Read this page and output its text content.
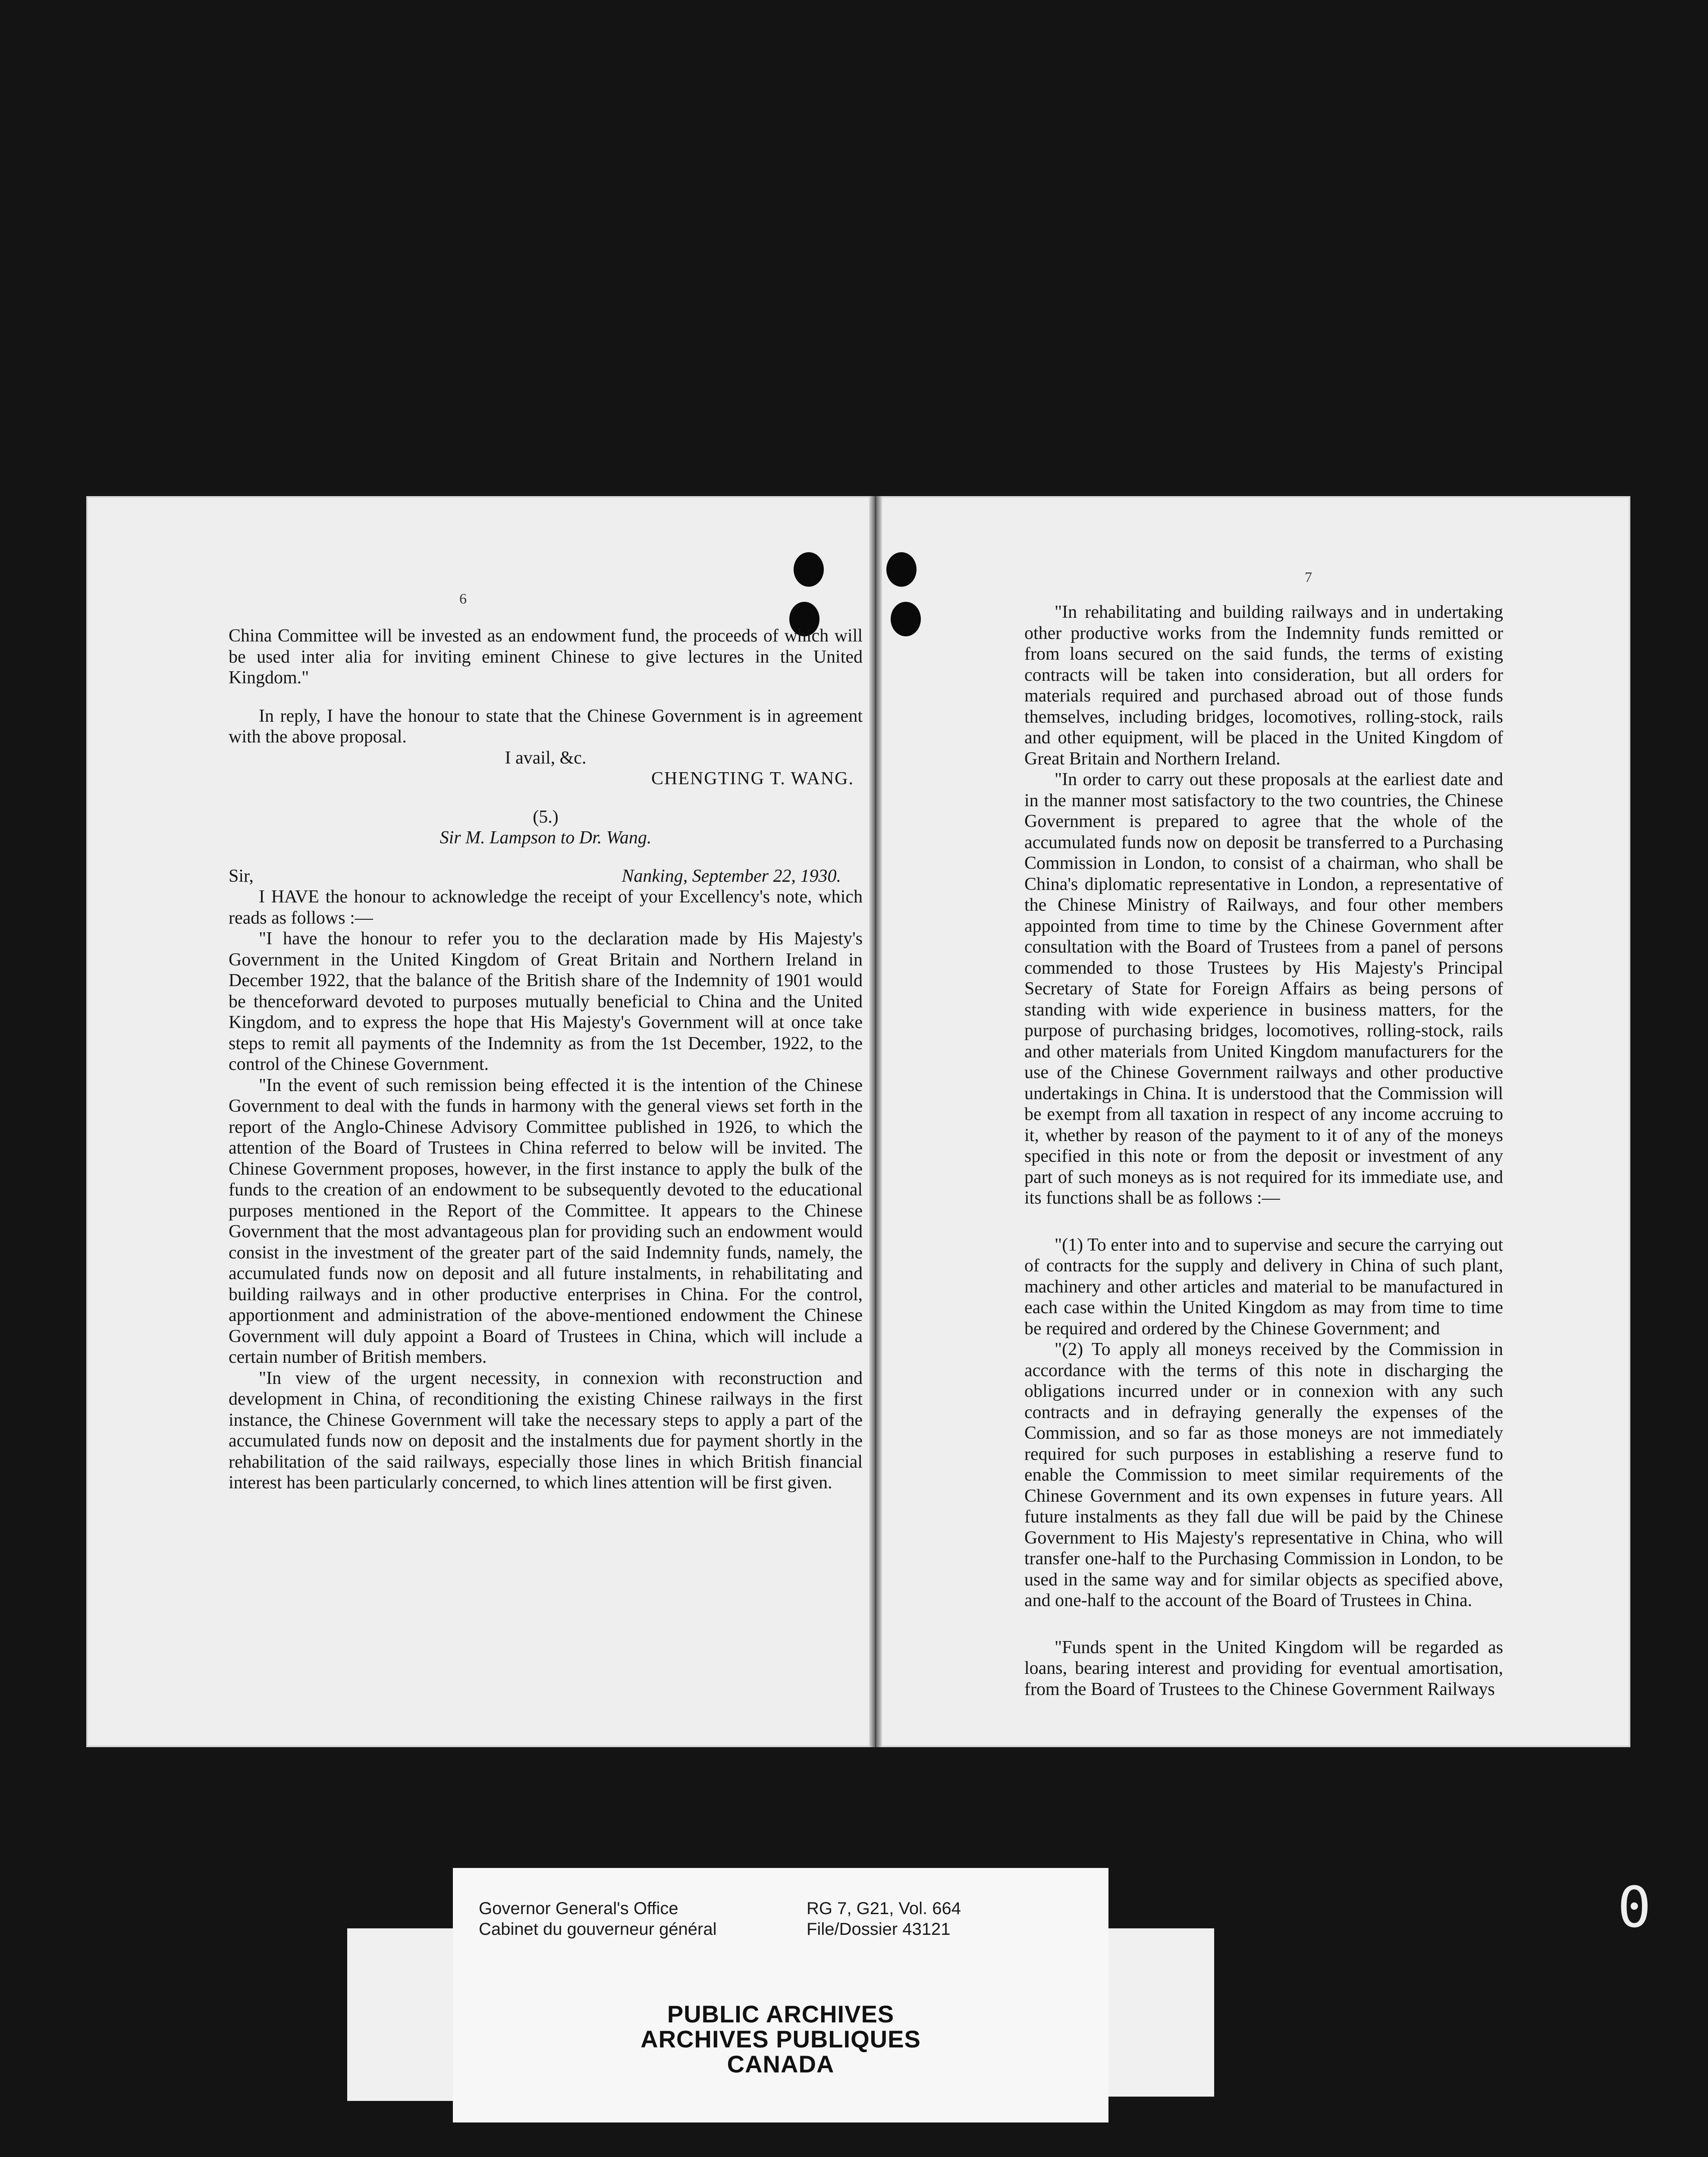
6

China Committee will be invested as an endowment fund, the proceeds of which will be used inter alia for inviting eminent Chinese to give lectures in the United Kingdom."

In reply, I have the honour to state that the Chinese Government is in agreement with the above proposal.

I avail, &c.

CHENGTING T. WANG.

(5.)

Sir M. Lampson to Dr. Wang.

Sir,	Nanking, September 22, 1930.

I HAVE the honour to acknowledge the receipt of your Excellency's note, which reads as follows :—

"I have the honour to refer you to the declaration made by His Majesty's Government in the United Kingdom of Great Britain and Northern Ireland in December 1922, that the balance of the British share of the Indemnity of 1901 would be thenceforward devoted to purposes mutually beneficial to China and the United Kingdom, and to express the hope that His Majesty's Government will at once take steps to remit all payments of the Indemnity as from the 1st December, 1922, to the control of the Chinese Government.

"In the event of such remission being effected it is the intention of the Chinese Government to deal with the funds in harmony with the general views set forth in the report of the Anglo-Chinese Advisory Committee published in 1926, to which the attention of the Board of Trustees in China referred to below will be invited. The Chinese Government proposes, however, in the first instance to apply the bulk of the funds to the creation of an endowment to be subsequently devoted to the educational purposes mentioned in the Report of the Committee. It appears to the Chinese Government that the most advantageous plan for providing such an endowment would consist in the investment of the greater part of the said Indemnity funds, namely, the accumulated funds now on deposit and all future instalments, in rehabilitating and building railways and in other productive enterprises in China. For the control, apportionment and administration of the above-mentioned endowment the Chinese Government will duly appoint a Board of Trustees in China, which will include a certain number of British members.

"In view of the urgent necessity, in connexion with reconstruction and development in China, of reconditioning the existing Chinese railways in the first instance, the Chinese Government will take the necessary steps to apply a part of the accumulated funds now on deposit and the instalments due for payment shortly in the rehabilitation of the said railways, especially those lines in which British financial interest has been particularly concerned, to which lines attention will be first given.

7

"In rehabilitating and building railways and in undertaking other productive works from the Indemnity funds remitted or from loans secured on the said funds, the terms of existing contracts will be taken into consideration, but all orders for materials required and purchased abroad out of those funds themselves, including bridges, locomotives, rolling-stock, rails and other equipment, will be placed in the United Kingdom of Great Britain and Northern Ireland.

"In order to carry out these proposals at the earliest date and in the manner most satisfactory to the two countries, the Chinese Government is prepared to agree that the whole of the accumulated funds now on deposit be transferred to a Purchasing Commission in London, to consist of a chairman, who shall be China's diplomatic representative in London, a representative of the Chinese Ministry of Railways, and four other members appointed from time to time by the Chinese Government after consultation with the Board of Trustees from a panel of persons commended to those Trustees by His Majesty's Principal Secretary of State for Foreign Affairs as being persons of standing with wide experience in business matters, for the purpose of purchasing bridges, locomotives, rolling-stock, rails and other materials from United Kingdom manufacturers for the use of the Chinese Government railways and other productive undertakings in China. It is understood that the Commission will be exempt from all taxation in respect of any income accruing to it, whether by reason of the payment to it of any of the moneys specified in this note or from the deposit or investment of any part of such moneys as is not required for its immediate use, and its functions shall be as follows :—

"(1) To enter into and to supervise and secure the carrying out of contracts for the supply and delivery in China of such plant, machinery and other articles and material to be manufactured in each case within the United Kingdom as may from time to time be required and ordered by the Chinese Government; and

"(2) To apply all moneys received by the Commission in accordance with the terms of this note in discharging the obligations incurred under or in connexion with any such contracts and in defraying generally the expenses of the Commission, and so far as those moneys are not immediately required for such purposes in establishing a reserve fund to enable the Commission to meet similar requirements of the Chinese Government and its own expenses in future years. All future instalments as they fall due will be paid by the Chinese Government to His Majesty's representative in China, who will transfer one-half to the Purchasing Commission in London, to be used in the same way and for similar objects as specified above, and one-half to the account of the Board of Trustees in China.

"Funds spent in the United Kingdom will be regarded as loans, bearing interest and providing for eventual amortisation, from the Board of Trustees to the Chinese Government Railways

Governor General's Office
Cabinet du gouverneur général
RG 7, G21, Vol. 664
File/Dossier 43121
PUBLIC ARCHIVES
ARCHIVES PUBLIQUES
CANADA
0
